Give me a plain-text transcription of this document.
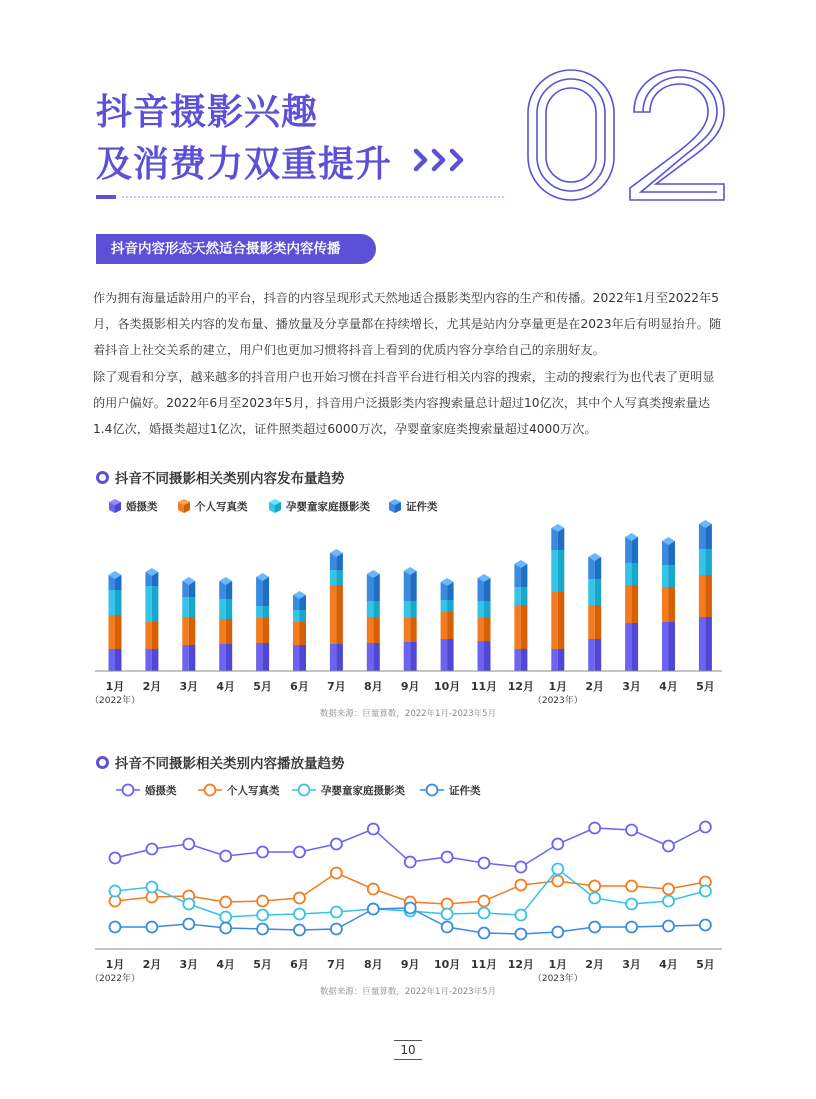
抖音摄影兴趣
及消费力双重提升
02
抖音内容形态天然适合摄影类内容传播

作为拥有海量适龄用户的平台，抖音的内容呈现形式天然地适合摄影类型内容的生产和传播。2022年1月至2022年5月，各类摄影相关内容的发布量、播放量及分享量都在持续增长，尤其是站内分享量更是在2023年后有明显抬升。随着抖音上社交关系的建立，用户们也更加习惯将抖音上看到的优质内容分享给自己的亲朋好友。

除了观看和分享，越来越多的抖音用户也开始习惯在抖音平台进行相关内容的搜索，主动的搜索行为也代表了更明显的用户偏好。2022年6月至2023年5月，抖音用户泛摄影类内容搜索量总计超过10亿次，其中个人写真类搜索量达1.4亿次，婚摄类超过1亿次，证件照类超过6000万次，孕婴童家庭类搜索量超过4000万次。

抖音不同摄影相关类别内容发布量趋势
婚摄类	个人写真类	孕婴童家庭摄影类	证件类
1月 2月 3月 4月 5月 6月 7月 8月 9月 10月 11月 12月 1月 2月 3月 4月 5月
（2022年）	（2023年）
数据来源：巨量算数，2022年1月-2023年5月
抖音不同摄影相关类别内容播放量趋势
婚摄类	个人写真类	孕婴童家庭摄影类	证件类
1月 2月 3月 4月 5月 6月 7月 8月 9月 10月 11月 12月 1月 2月 3月 4月 5月
（2022年）	（2023年）
数据来源：巨量算数，2022年1月-2023年5月
10
